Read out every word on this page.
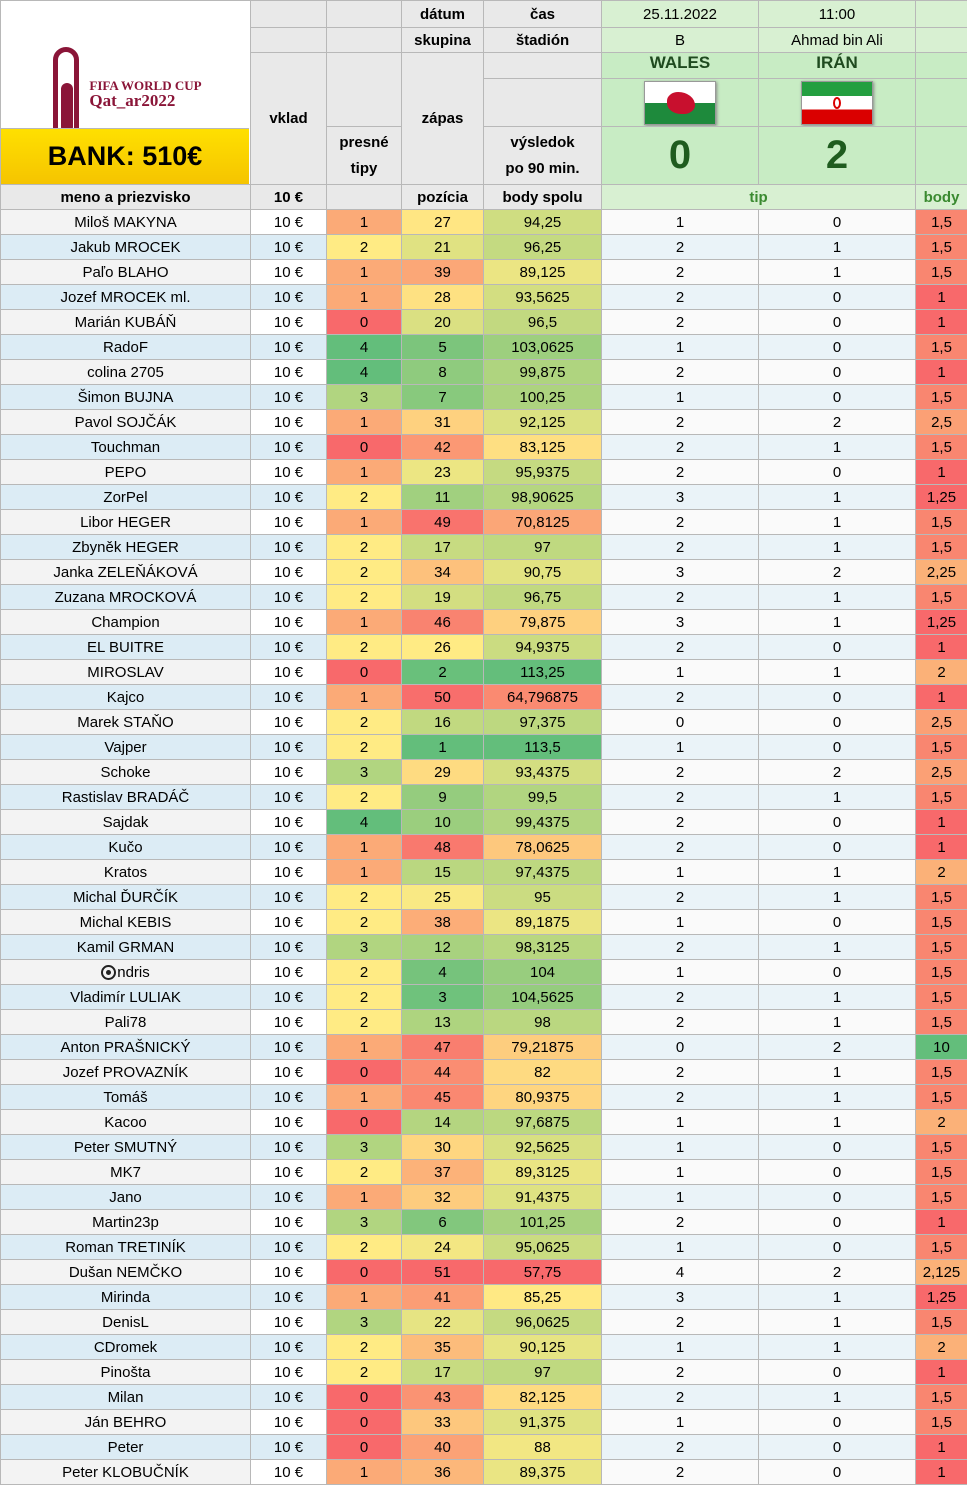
FIFA WORLD CUP
Qat_ar2022			dátum	čas	25.11.2022	11:00	
			skupina	štadión	B	Ahmad bin Ali	
	vklad		zápas		WALES	IRÁN	

		presné tipy		výsledok
po 90 min.	0	2	

meno a priezvisko	10 €		pozícia	body spolu	tip		body
Miloš MAKYNA	10 €	1	27	94,25	1	0	1,5
Jakub MROCEK	10 €	2	21	96,25	2	1	1,5
Paľo BLAHO	10 €	1	39	89,125	2	1	1,5
Jozef MROCEK ml.	10 €	1	28	93,5625	2	0	1
Marián KUBÁŇ	10 €	0	20	96,5	2	0	1
RadoF	10 €	4	5	103,0625	1	0	1,5
colina 2705	10 €	4	8	99,875	2	0	1
Šimon BUJNA	10 €	3	7	100,25	1	0	1,5
Pavol SOJČÁK	10 €	1	31	92,125	2	2	2,5
Touchman	10 €	0	42	83,125	2	1	1,5
PEPO	10 €	1	23	95,9375	2	0	1
ZorPel	10 €	2	11	98,90625	3	1	1,25
Libor HEGER	10 €	1	49	70,8125	2	1	1,5
Zbyněk HEGER	10 €	2	17	97	2	1	1,5
Janka ZELEŇÁKOVÁ	10 €	2	34	90,75	3	2	2,25
Zuzana MROCKOVÁ	10 €	2	19	96,75	2	1	1,5
Champion	10 €	1	46	79,875	3	1	1,25
EL BUITRE	10 €	2	26	94,9375	2	0	1
MIROSLAV	10 €	0	2	113,25	1	1	2
Kajco	10 €	1	50	64,796875	2	0	1
Marek STAŇO	10 €	2	16	97,375	0	0	2,5
Vajper	10 €	2	1	113,5	1	0	1,5
Schoke	10 €	3	29	93,4375	2	2	2,5
Rastislav BRADÁČ	10 €	2	9	99,5	2	1	1,5
Sajdak	10 €	4	10	99,4375	2	0	1
Kučo	10 €	1	48	78,0625	2	0	1
Kratos	10 €	1	15	97,4375	1	1	2
Michal ĎURČÍK	10 €	2	25	95	2	1	1,5
Michal KEBIS	10 €	2	38	89,1875	1	0	1,5
Kamil GRMAN	10 €	3	12	98,3125	2	1	1,5
ndris	10 €	2	4	104	1	0	1,5
Vladimír LULIAK	10 €	2	3	104,5625	2	1	1,5
Pali78	10 €	2	13	98	2	1	1,5
Anton PRAŠNICKÝ	10 €	1	47	79,21875	0	2	10
Jozef PROVAZNÍK	10 €	0	44	82	2	1	1,5
Tomáš	10 €	1	45	80,9375	2	1	1,5
Kacoo	10 €	0	14	97,6875	1	1	2
Peter SMUTNÝ	10 €	3	30	92,5625	1	0	1,5
MK7	10 €	2	37	89,3125	1	0	1,5
Jano	10 €	1	32	91,4375	1	0	1,5
Martin23p	10 €	3	6	101,25	2	0	1
Roman TRETINÍK	10 €	2	24	95,0625	1	0	1,5
Dušan NEMČKO	10 €	0	51	57,75	4	2	2,125
Mirinda	10 €	1	41	85,25	3	1	1,25
DenisL	10 €	3	22	96,0625	2	1	1,5
CDromek	10 €	2	35	90,125	1	1	2
Pinošta	10 €	2	17	97	2	0	1
Milan	10 €	0	43	82,125	2	1	1,5
Ján BEHRO	10 €	0	33	91,375	1	0	1,5
Peter	10 €	0	40	88	2	0	1
Peter KLOBUČNÍK	10 €	1	36	89,375	2	0	1
BANK: 510€
